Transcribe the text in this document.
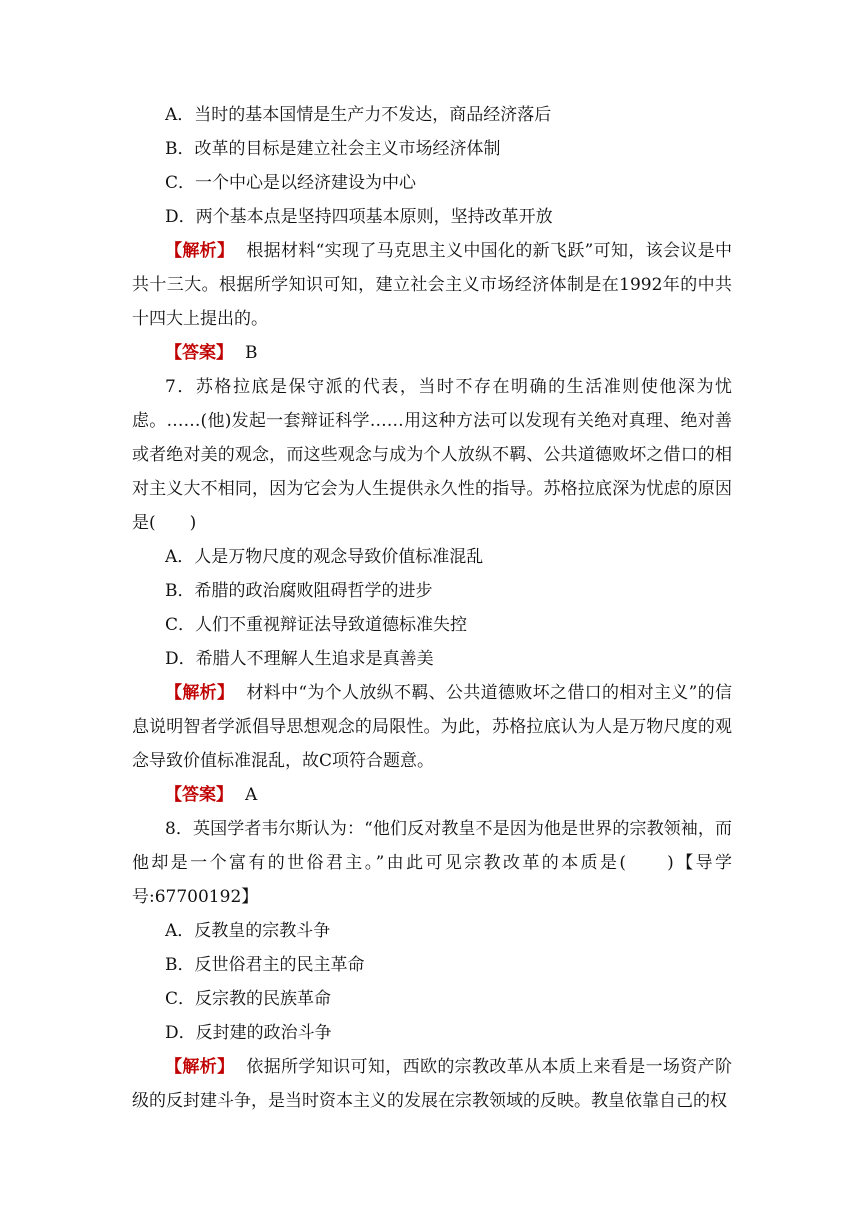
A．当时的基本国情是生产力不发达，商品经济落后
B．改革的目标是建立社会主义市场经济体制
C．一个中心是以经济建设为中心
D．两个基本点是坚持四项基本原则，坚持改革开放
【解析】 根据材料“实现了马克思主义中国化的新飞跃”可知，该会议是中共十三大。根据所学知识可知，建立社会主义市场经济体制是在1992年的中共十四大上提出的。
【答案】 B
7．苏格拉底是保守派的代表，当时不存在明确的生活准则使他深为忧虑。……(他)发起一套辩证科学……用这种方法可以发现有关绝对真理、绝对善或者绝对美的观念，而这些观念与成为个人放纵不羁、公共道德败坏之借口的相对主义大不相同，因为它会为人生提供永久性的指导。苏格拉底深为忧虑的原因是(　　)
A．人是万物尺度的观念导致价值标准混乱
B．希腊的政治腐败阻碍哲学的进步
C．人们不重视辩证法导致道德标准失控
D．希腊人不理解人生追求是真善美
【解析】 材料中“为个人放纵不羁、公共道德败坏之借口的相对主义”的信息说明智者学派倡导思想观念的局限性。为此，苏格拉底认为人是万物尺度的观念导致价值标准混乱，故C项符合题意。
【答案】 A
8．英国学者韦尔斯认为：“他们反对教皇不是因为他是世界的宗教领袖，而他却是一个富有的世俗君主。”由此可见宗教改革的本质是(　　)【导学号:67700192】
A．反教皇的宗教斗争
B．反世俗君主的民主革命
C．反宗教的民族革命
D．反封建的政治斗争
【解析】 依据所学知识可知，西欧的宗教改革从本质上来看是一场资产阶级的反封建斗争，是当时资本主义的发展在宗教领域的反映。教皇依靠自己的权
